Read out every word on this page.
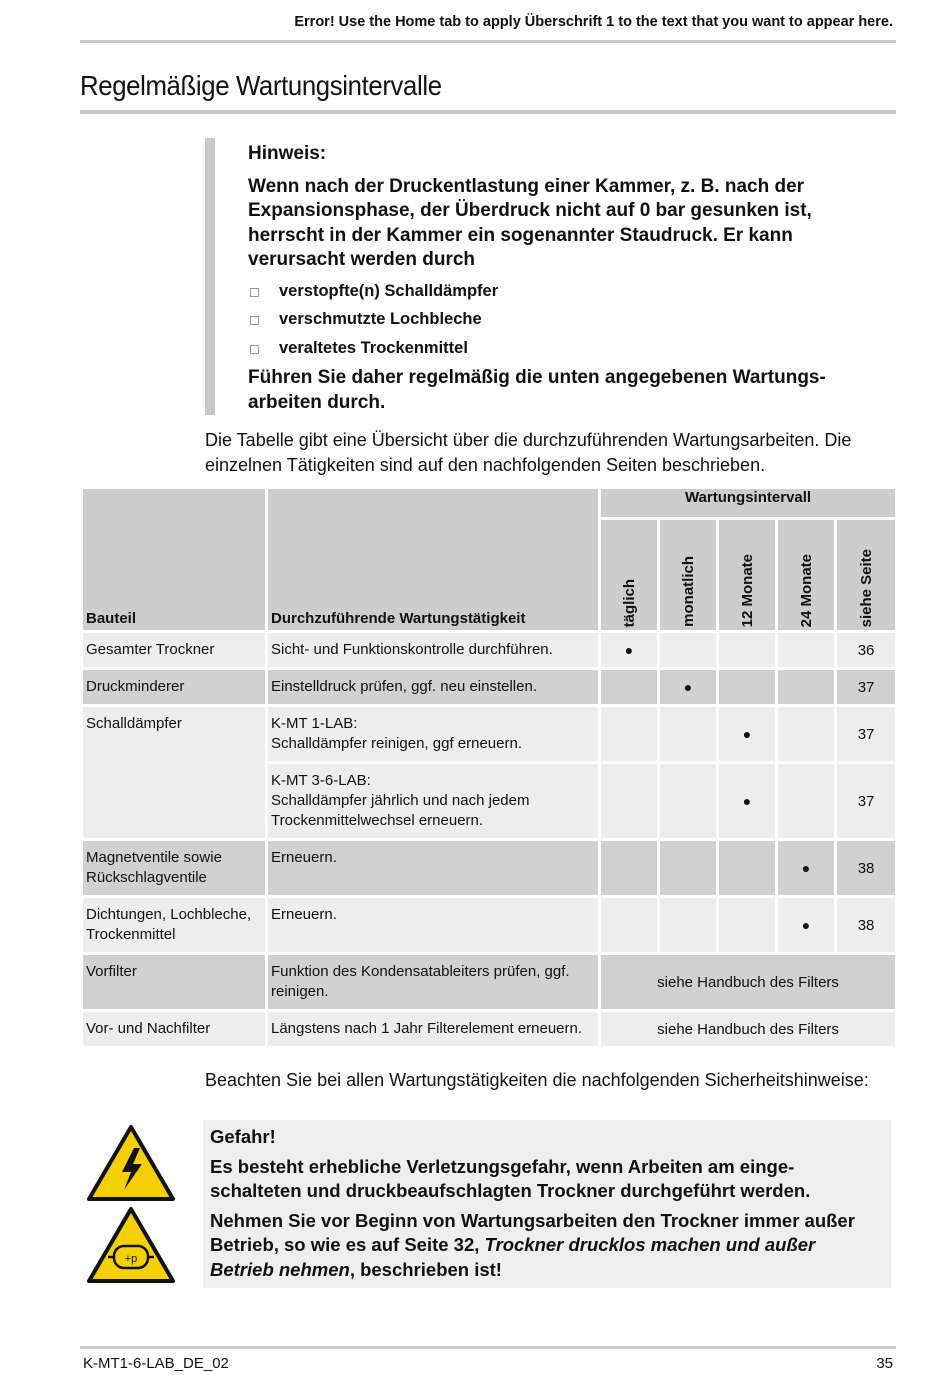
Error! Use the Home tab to apply Überschrift 1 to the text that you want to appear here.
Regelmäßige Wartungsintervalle

Hinweis:

Wenn nach der Druckentlastung einer Kammer, z. B. nach der Expansionsphase, der Überdruck nicht auf 0 bar gesunken ist, herrscht in der Kammer ein sogenannter Staudruck. Er kann verursacht werden durch

verstopfte(n) Schalldämpfer
verschmutzte Lochbleche
veraltetes Trockenmittel

Führen Sie daher regelmäßig die unten angegebenen Wartungs-arbeiten durch.

Die Tabelle gibt eine Übersicht über die durchzuführenden Wartungsarbeiten. Die einzelnen Tätigkeiten sind auf den nachfolgenden Seiten beschrieben.

Bauteil	Durchzuführende Wartungstätigkeit	Wartungsintervall				

		täglich	monatlich	12 Monate	24 Monate	siehe Seite

Gesamter Trockner	Sicht- und Funktionskontrolle durchführen.	●				36
Druckminderer	Einstelldruck prüfen, ggf. neu einstellen.		●			37
Schalldämpfer	K-MT 1-LAB:
Schalldämpfer reinigen, ggf erneuern.			●		37
	K-MT 3-6-LAB:
Schalldämpfer jährlich und nach jedem Trockenmittelwechsel erneuern.			●		37
Magnetventile sowie Rückschlagventile	Erneuern.				●	38
Dichtungen, Lochbleche, Trockenmittel	Erneuern.				●	38
Vorfilter	Funktion des Kondensatableiters prüfen, ggf. reinigen.	siehe Handbuch des Filters				
Vor- und Nachfilter	Längstens nach 1 Jahr Filterelement erneuern.	siehe Handbuch des Filters				

Beachten Sie bei allen Wartungstätigkeiten die nachfolgenden Sicherheitshinweise:

+p

Gefahr!

Es besteht erhebliche Verletzungsgefahr, wenn Arbeiten am einge-schalteten und druckbeaufschlagten Trockner durchgeführt werden.

Nehmen Sie vor Beginn von Wartungsarbeiten den Trockner immer außer Betrieb, so wie es auf Seite 32, Trockner drucklos machen und außer Betrieb nehmen, beschrieben ist!

K-MT1-6-LAB_DE_02	35
